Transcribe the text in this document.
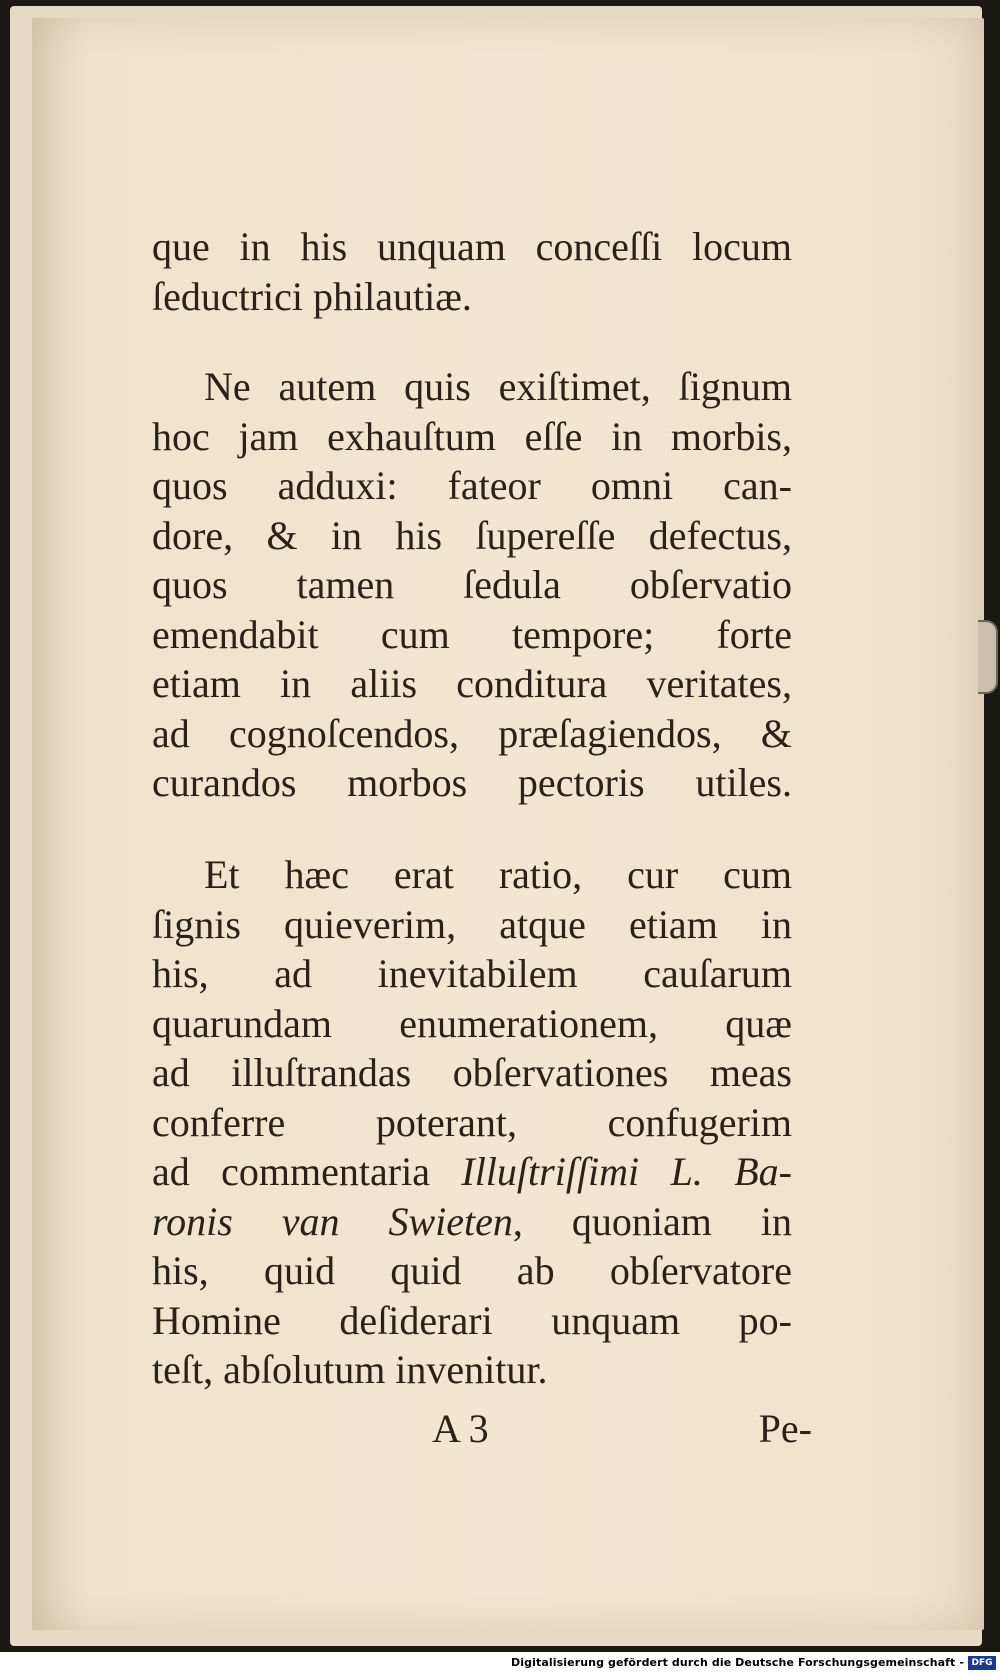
que in his unquam conceſſi locum
ſeductrici philautiæ.
Ne autem quis exiſtimet, ſignum
hoc jam exhauſtum eſſe in morbis,
quos adduxi: fateor omni can-
dore, & in his ſupereſſe defectus,
quos tamen ſedula obſervatio
emendabit cum tempore; forte
etiam in aliis conditura veritates,
ad cognoſcendos, præſagiendos, &
curandos morbos pectoris utiles.
Et hæc erat ratio, cur cum
ſignis quieverim, atque etiam in
his, ad inevitabilem cauſarum
quarundam enumerationem, quæ
ad illuſtrandas obſervationes meas
conferre poterant, confugerim
ad commentaria Illuſtriſſimi L. Ba-
ronis van Swieten, quoniam in
his, quid quid ab obſervatore
Homine deſiderari unquam po-
teſt, abſolutum invenitur.
A 3	Pe-
Digitalisierung gefördert durch die Deutsche Forschungsgemeinschaft - DFG
